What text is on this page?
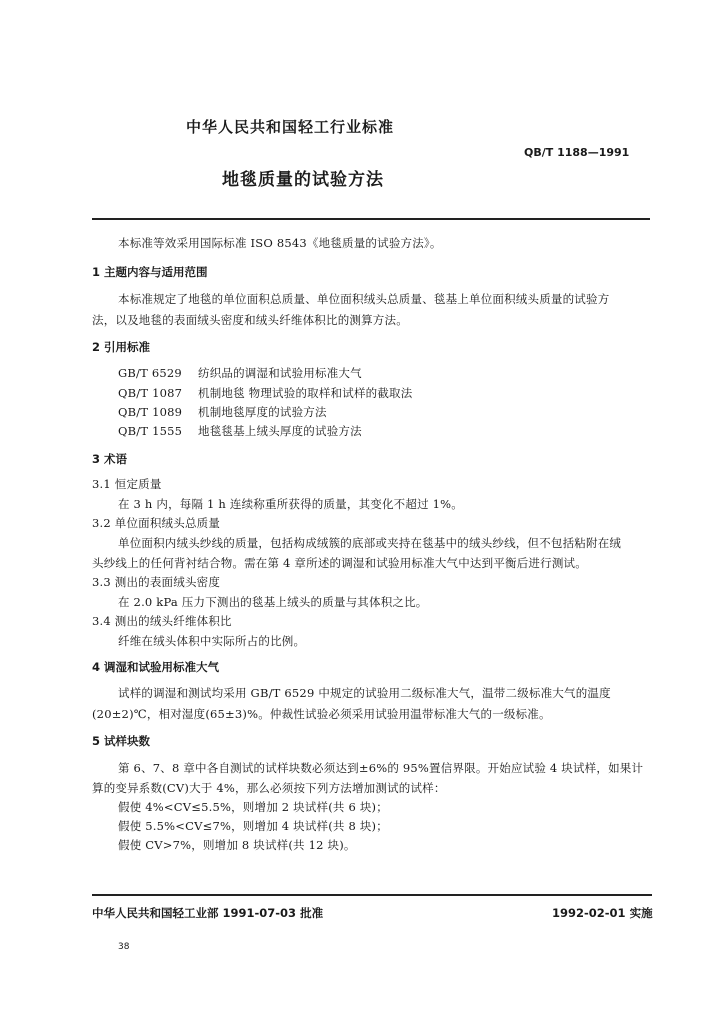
中华人民共和国轻工行业标准
QB/T 1188—1991
地毯质量的试验方法
本标准等效采用国际标准 ISO 8543《地毯质量的试验方法》。
1 主题内容与适用范围
本标准规定了地毯的单位面积总质量、单位面积绒头总质量、毯基上单位面积绒头质量的试验方
法，以及地毯的表面绒头密度和绒头纤维体积比的测算方法。
2 引用标准
GB/T 6529 纺织品的调湿和试验用标准大气
QB/T 1087 机制地毯 物理试验的取样和试样的截取法
QB/T 1089 机制地毯厚度的试验方法
QB/T 1555 地毯毯基上绒头厚度的试验方法
3 术语
3.1 恒定质量
在 3 h 内，每隔 1 h 连续称重所获得的质量，其变化不超过 1%。
3.2 单位面积绒头总质量
单位面积内绒头纱线的质量，包括构成绒簇的底部或夹持在毯基中的绒头纱线，但不包括粘附在绒
头纱线上的任何背衬结合物。需在第 4 章所述的调湿和试验用标准大气中达到平衡后进行测试。
3.3 测出的表面绒头密度
在 2.0 kPa 压力下测出的毯基上绒头的质量与其体积之比。
3.4 测出的绒头纤维体积比
纤维在绒头体积中实际所占的比例。
4 调湿和试验用标准大气
试样的调湿和测试均采用 GB/T 6529 中规定的试验用二级标准大气，温带二级标准大气的温度
(20±2)℃，相对湿度(65±3)%。仲裁性试验必须采用试验用温带标准大气的一级标准。
5 试样块数
第 6、7、8 章中各自测试的试样块数必须达到±6%的 95%置信界限。开始应试验 4 块试样，如果计
算的变异系数(CV)大于 4%，那么必须按下列方法增加测试的试样：
假使 4%<CV≤5.5%，则增加 2 块试样(共 6 块)；
假使 5.5%<CV≤7%，则增加 4 块试样(共 8 块)；
假使 CV>7%，则增加 8 块试样(共 12 块)。
中华人民共和国轻工业部 1991-07-03 批准	1992-02-01 实施
38
